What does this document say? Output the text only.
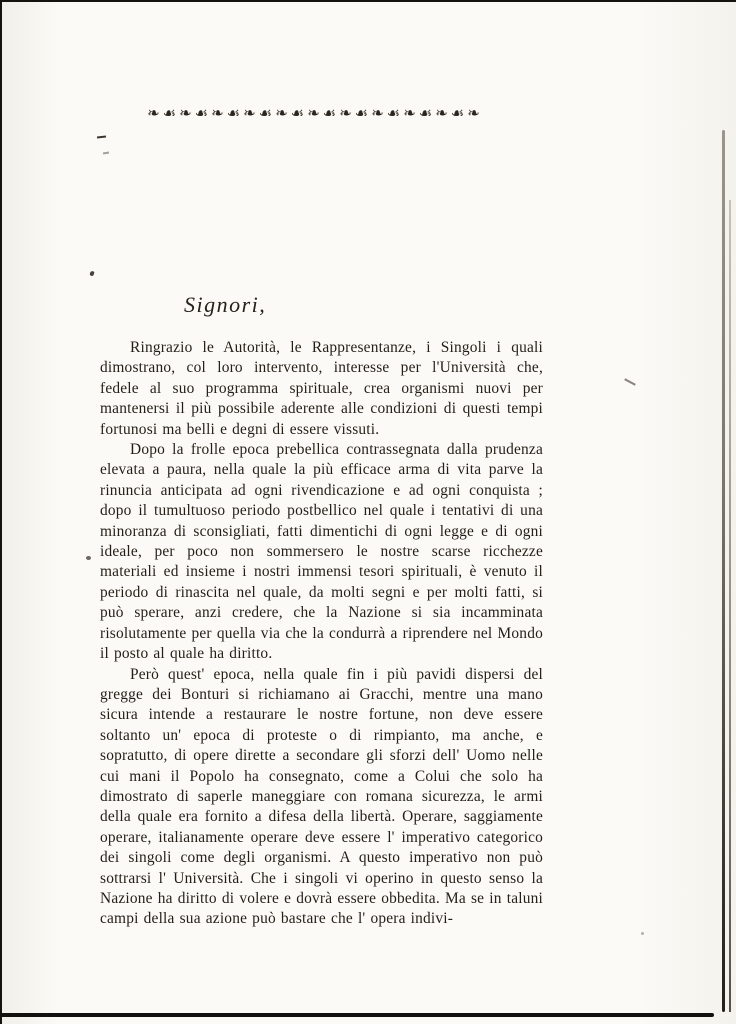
❧☙❧☙❧☙❧☙❧☙❧☙❧☙❧☙❧☙❧☙❧
Signori,

Ringrazio le Autorità, le Rappresentanze, i Singoli i quali dimostrano, col loro intervento, interesse per l'Università che, fedele al suo programma spirituale, crea organismi nuovi per mantenersi il più possibile aderente alle condizioni di questi tempi fortunosi ma belli e degni di essere vissuti.

Dopo la frolle epoca prebellica contrassegnata dalla prudenza elevata a paura, nella quale la più efficace arma di vita parve la rinuncia anticipata ad ogni rivendicazione e ad ogni conquista ; dopo il tumultuoso periodo postbellico nel quale i tentativi di una minoranza di sconsigliati, fatti dimentichi di ogni legge e di ogni ideale, per poco non sommersero le nostre scarse ricchezze materiali ed insieme i nostri immensi tesori spirituali, è venuto il periodo di rinascita nel quale, da molti segni e per molti fatti, si può sperare, anzi credere, che la Nazione si sia incamminata risolutamente per quella via che la condurrà a riprendere nel Mondo il posto al quale ha diritto.

Però quest' epoca, nella quale fin i più pavidi dispersi del gregge dei Bonturi si richiamano ai Gracchi, mentre una mano sicura intende a restaurare le nostre fortune, non deve essere soltanto un' epoca di proteste o di rimpianto, ma anche, e sopratutto, di opere dirette a secondare gli sforzi dell' Uomo nelle cui mani il Popolo ha consegnato, come a Colui che solo ha dimostrato di saperle maneggiare con romana sicurezza, le armi della quale era fornito a difesa della libertà. Operare, saggiamente operare, italianamente operare deve essere l' imperativo categorico dei singoli come degli organismi. A questo imperativo non può sottrarsi l' Università. Che i singoli vi operino in questo senso la Nazione ha diritto di volere e dovrà essere obbedita. Ma se in taluni campi della sua azione può bastare che l' opera indivi-
